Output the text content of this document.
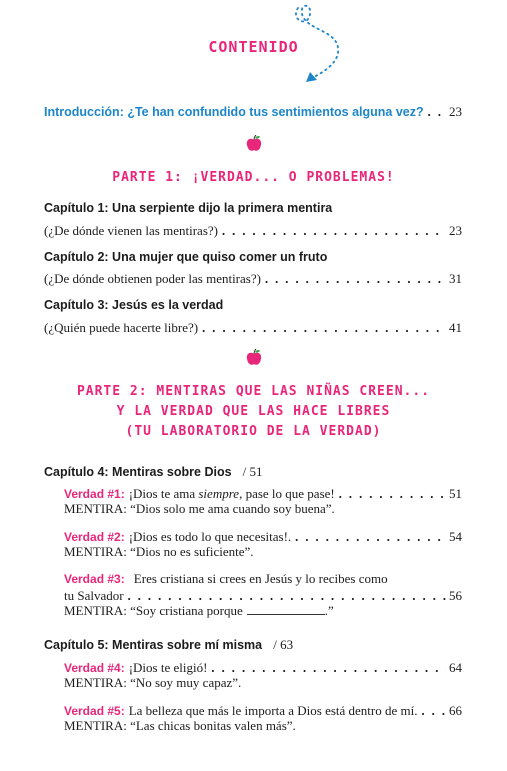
CONTENIDO
Introducción: ¿Te han confundido tus sentimientos alguna vez? . . . 23
PARTE 1: ¡VERDAD... O PROBLEMAS!
Capítulo 1: Una serpiente dijo la primera mentira
(¿De dónde vienen las mentiras?) . . .	23
Capítulo 2: Una mujer que quiso comer un fruto
(¿De dónde obtienen poder las mentiras?) . . .	31
Capítulo 3: Jesús es la verdad
(¿Quién puede hacerte libre?) . . .	41
PARTE 2: MENTIRAS QUE LAS NIÑAS CREEN...
Y LA VERDAD QUE LAS HACE LIBRES
(TU LABORATORIO DE LA VERDAD)
Capítulo 4: Mentiras sobre Dios / 51
Verdad #1: ¡Dios te ama siempre, pase lo que pase! . . .	51
MENTIRA: “Dios solo me ama cuando soy buena”.
Verdad #2: ¡Dios es todo lo que necesitas!. . . .	54
MENTIRA: “Dios no es suficiente”.
Verdad #3: Eres cristiana si crees en Jesús y lo recibes como
tu Salvador . . .	56
MENTIRA: “Soy cristiana porque	.”
Capítulo 5: Mentiras sobre mí misma / 63
Verdad #4: ¡Dios te eligió! . . .	64
MENTIRA: “No soy muy capaz”.
Verdad #5: La belleza que más le importa a Dios está dentro de mí. . . . 66
MENTIRA: “Las chicas bonitas valen más”.
